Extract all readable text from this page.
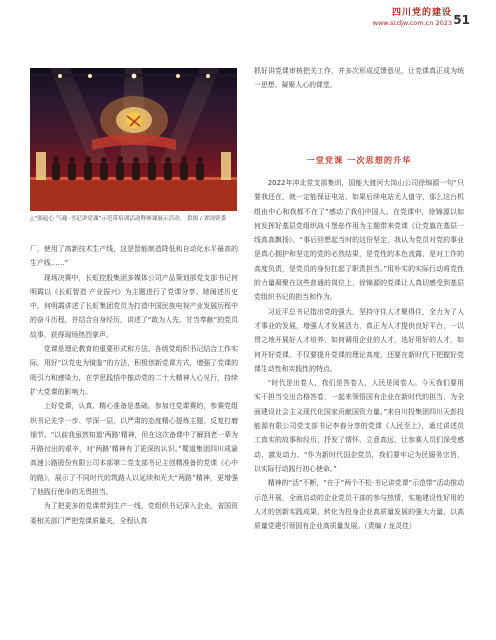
四川党的建设
www.scdjw.com.cn 2023 51
△“强起心 气魂 ·书记讲党课”示范带培训活动暨赛课展示活动。 供图 / 省国资委

厂，使用了高新技术生产线，这是智能制造降低和自动化水平最高的生产线……”

现场决赛中，长虹控股集团多媒体公司产品策划部党支部书记何明霞以《长虹智造 产业振兴》为主题进行了党课分享。她阐述历史中，何明霞讲述了长虹集团党员为打造中国民族电视产业发展历程中的奋斗历程，并结合自身经历，讲述了“敢为人先、甘当奉献”的党员故事，获得现场热烈掌声。

党课是理论教育的重要形式和方法。各级党组织书记结合工作实际，用好“以党史为镜鉴”的方法，积极创新党课方式，增强了党课的吸引力和感染力，在学思践悟中推动党的二十大精神入心见行，持续扩大党课的影响力。

上好党课，认真、精心准备是基础。参加过党课赛的，参赛党组织书记先学一步、学深一层，以严肃的态度精心提炼主题、反复打磨细节。“以前我虽然知道‘两路’精神，但在这次备课中了解到老一辈为开路付出的艰辛，对‘两路’精神有了更深的认识。”蜀道集团四川成渝高速公路股份有限公司本部第二党支部书记主创精准备的党课《心中的路》，展示了不同时代的筑路人以延续和光大“两路”精神，更增强了他践行使命的无畏担当。

为了把更多的党课带到生产一线，党组织书记深入企业。省国资委相关部门严把党课质量关，全程认真

抓好讲党课审核把关工作，并多次形成反馈意见，让党课真正成为统一思想、凝聚人心的课堂。

一堂党课 一次思想的升华

2022年冲北党支部集训，国能大渡河大岗山公司徐锦源一句“只要我还在，就一定能保证电站，如果后续电站无人值守，那么这台机组由中心和我都不在了”感动了我们中国人。在党课中，徐锦源以如何发挥好基层党组织战斗堡垒作用为主题带来党课《让党旗在基层一线高高飘扬》。“事后回想起当时的这份坚定，我认为党员对党的事业是真心拥护和坚定的党的必然结果，是党性的本色流露，是对工作的高度负责，是党员的身份扛起了职责担当。”用朴实的实际行动将党性的力量凝聚在这些普通的岗位上，徐锦源的党课让人真切感受到基层党组织书记的担当和作为。

习近平总书记指出党的强大，坚持守住人才聚得住，全力为了人才事业的发展，增强人才发展活力，真正为人才提供良好平台，一以贯之地开展好人才培养，如何调用企业的人才，选好用好的人才，如何开好党课。不仅要提升党课的理论高度，还要在新时代下把握好党课生动性和实践性的特点。

“时代是出卷人，我们是答卷人，人民是阅卷人。今天我们要用实干担当交出合格答卷，一起来领悟国有企业在新时代的担当，为全面建设社会主义现代化国家贡献国资力量。”来自川投集团四川天彭投能源有限公司党支部书记李春分享的党课《人民至上》，通过讲述员工真实的故事和经历，抒发了情怀、立意高远，让参赛人员们深受感动、激发动力。“作为新时代国企党员，我们要牢记为民服务宗旨，以实际行动践行初心使命。”

精神的“活”不断，“在于”两个不松·书记讲党课“示范带”活动推动示范开展，全面启动的企业党员干部的参与热情，实施建设性好用的人才的创新实践成果，转化为投身企业高质量发展的强大力量，以高质量党建引领国有企业高质量发展。（责编 / 龙灵佳）
